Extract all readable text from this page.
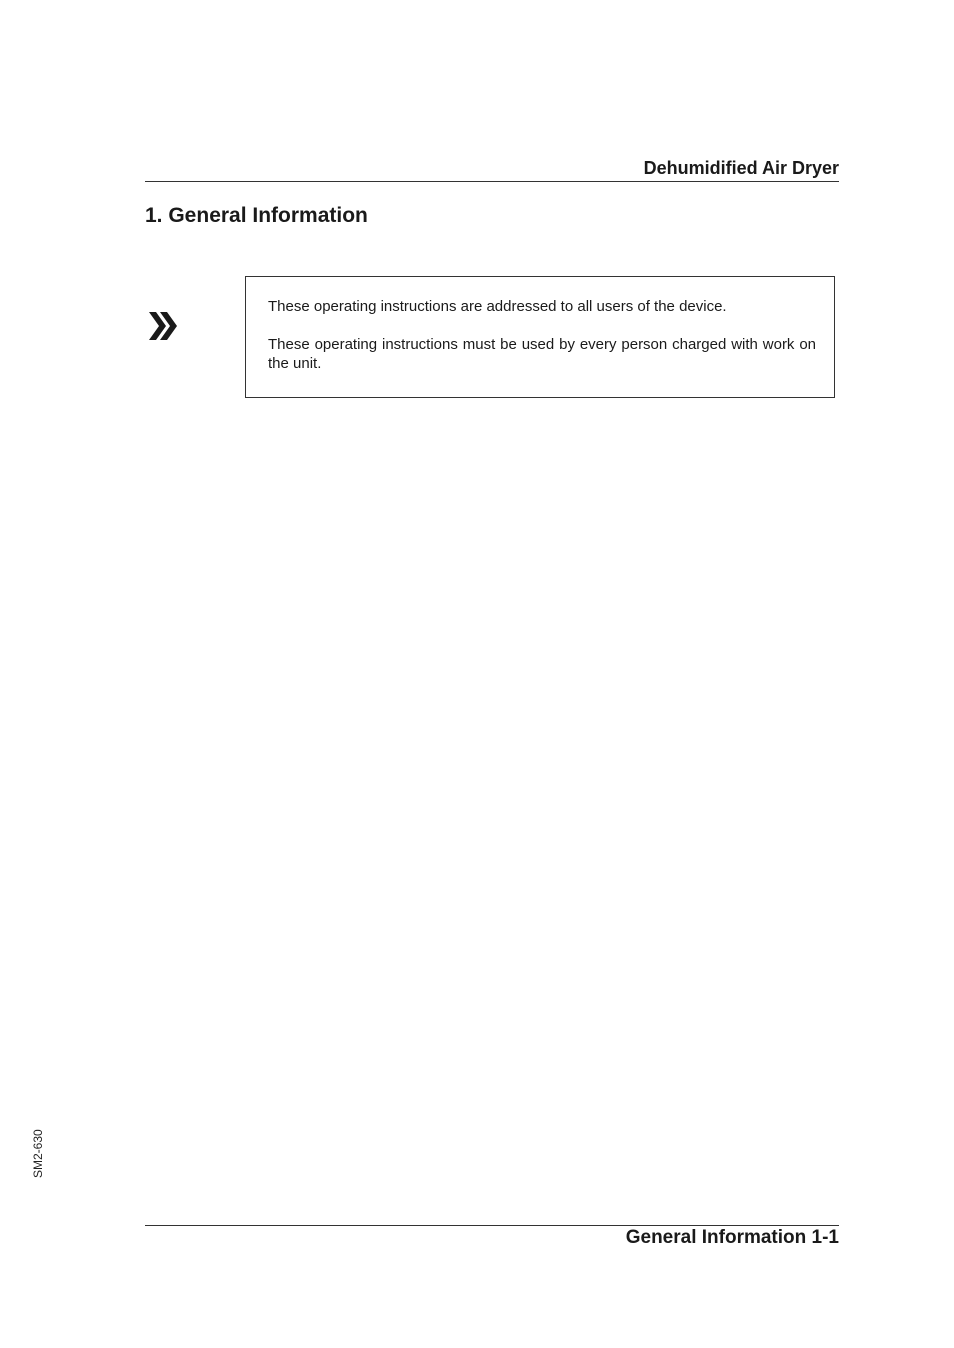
Dehumidified Air Dryer
1. General Information

These operating instructions are addressed to all users of the device.

These operating instructions must be used by every person charged with work on the unit.

SM2-630
General Information 1-1
